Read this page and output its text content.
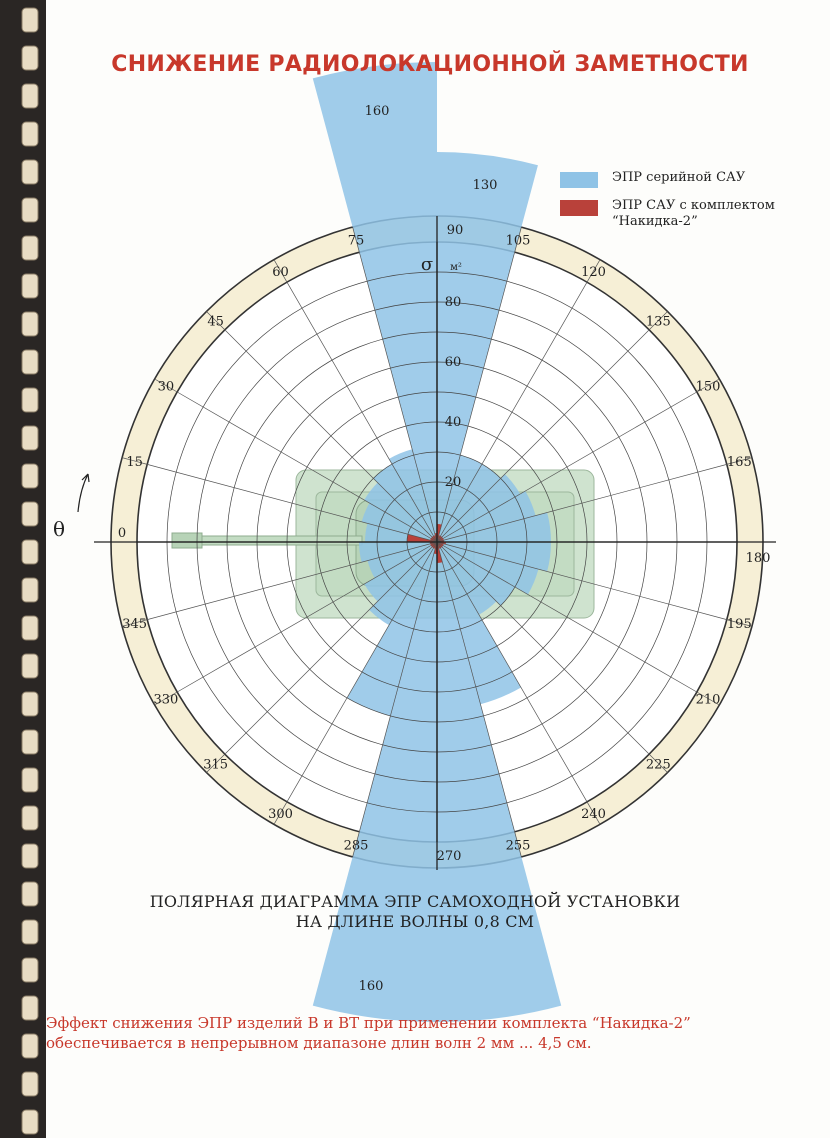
СНИЖЕНИЕ РАДИОЛОКАЦИОННОЙ ЗАМЕТНОСТИ
ЭПР серийной САУ
ЭПР САУ с комплектом “Накидка-2”
0
15
30
45
60
75
90
105
120
135
150
165
180
195
210
225
240
255
270
285
300
315
330
345
20
40
60
80
160
130
160
σ м²
θ
ПОЛЯРНАЯ ДИАГРАММА ЭПР САМОХОДНОЙ УСТАНОВКИ
НА ДЛИНЕ ВОЛНЫ 0,8 СМ
Эффект снижения ЭПР изделий В и ВТ при применении комплекта “Накидка-2”
обеспечивается в непрерывном диапазоне длин волн 2 мм ... 4,5 см.
